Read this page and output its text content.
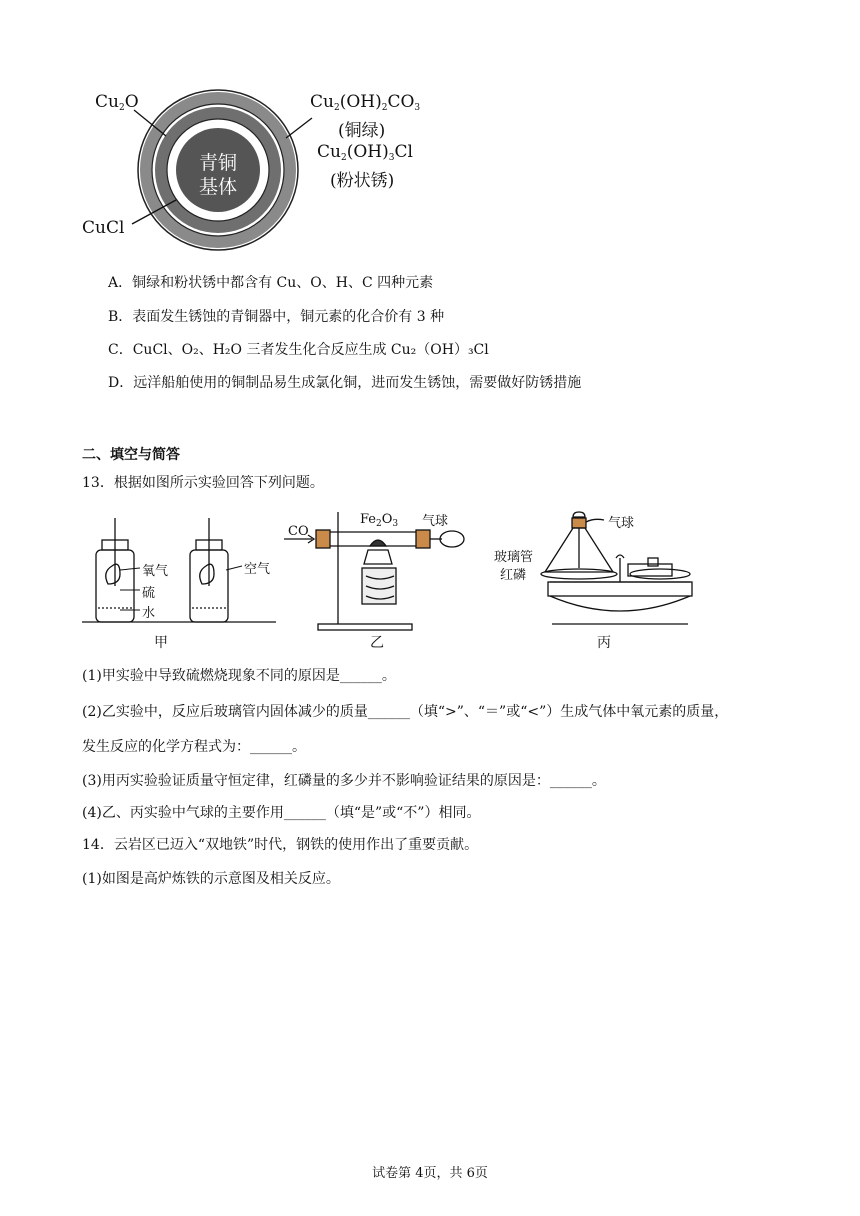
青铜
基体
$Cu_2O$
CuCl
$Cu_2(OH)_2CO_3$
(铜绿)
$Cu_2(OH)_3Cl$
(粉状锈)
A．铜绿和粉状锈中都含有 Cu、O、H、C 四种元素
B．表面发生锈蚀的青铜器中，铜元素的化合价有 3 种
C．CuCl、O₂、H₂O 三者发生化合反应生成 Cu₂（OH）₃Cl
D．远洋船舶使用的铜制品易生成氯化铜，进而发生锈蚀，需要做好防锈措施
二、填空与简答
13．根据如图所示实验回答下列问题。
氧气
硫
水
空气
CO
$Fe_2O_3$ 气球	气球
玻璃管
红磷
甲	乙	丙
(1)甲实验中导致硫燃烧现象不同的原因是______。
(2)乙实验中，反应后玻璃管内固体减少的质量______（填“>”、“＝”或“<”）生成气体中氧元素的质量，
发生反应的化学方程式为：______。
(3)用丙实验验证质量守恒定律，红磷量的多少并不影响验证结果的原因是：______。
(4)乙、丙实验中气球的主要作用______（填“是”或“不”）相同。
14．云岩区已迈入“双地铁”时代，钢铁的使用作出了重要贡献。
(1)如图是高炉炼铁的示意图及相关反应。
试卷第 4页，共 6页
